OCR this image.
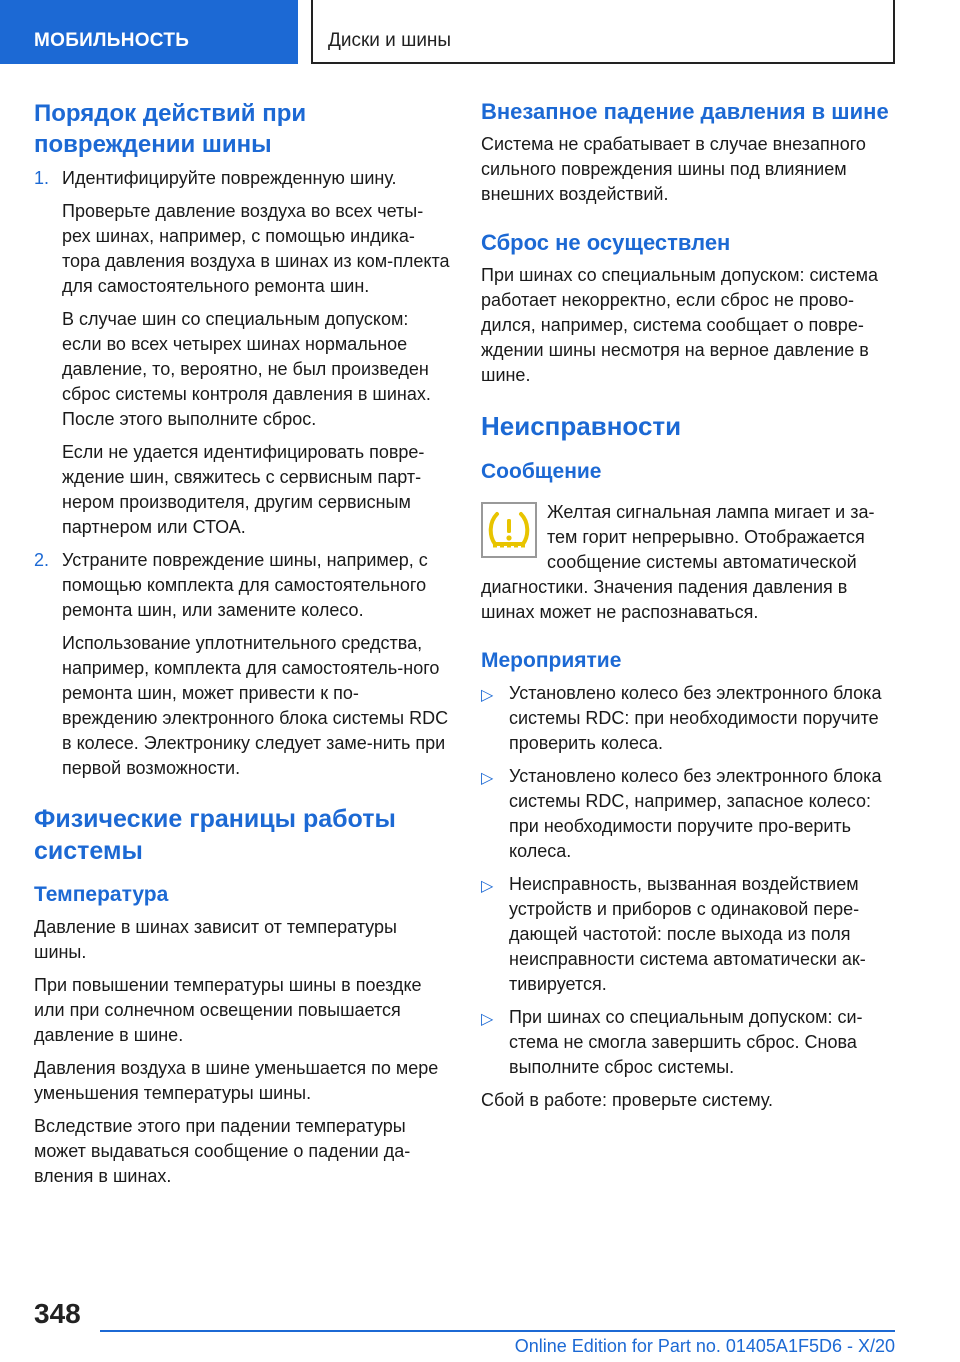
МОБИЛЬНОСТЬ	Диски и шины
Порядок действий при повреждении шины
1. Идентифицируйте поврежденную шину.

Проверьте давление воздуха во всех четы-рех шинах, например, с помощью индика-тора давления воздуха в шинах из ком-плекта для самостоятельного ремонта шин.

В случае шин со специальным допуском: если во всех четырех шинах нормальное давление, то, вероятно, не был произведен сброс системы контроля давления в шинах. После этого выполните сброс.

Если не удается идентифицировать повре-ждение шин, свяжитесь с сервисным парт-нером производителя, другим сервисным партнером или СТОА.

2. Устраните повреждение шины, например, с помощью комплекта для самостоятельного ремонта шин, или замените колесо.

Использование уплотнительного средства, например, комплекта для самостоятель-ного ремонта шин, может привести к по-вреждению электронного блока системы RDC в колесе. Электронику следует заме-нить при первой возможности.

Физические границы работы системы
Температура

Давление в шинах зависит от температуры шины.

При повышении температуры шины в поездке или при солнечном освещении повышается давление в шине.

Давления воздуха в шине уменьшается по мере уменьшения температуры шины.

Вследствие этого при падении температуры может выдаваться сообщение о падении да-вления в шинах.

Внезапное падение давления в шине

Система не срабатывает в случае внезапного сильного повреждения шины под влиянием внешних воздействий.

Сброс не осуществлен

При шинах со специальным допуском: система работает некорректно, если сброс не прово-дился, например, система сообщает о повре-ждении шины несмотря на верное давление в шине.

Неисправности
Сообщение

Желтая сигнальная лампа мигает и за-тем горит непрерывно. Отображается сообщение системы автоматической диагностики. Значения падения давления в шинах может не распознаваться.

Мероприятие
▷ Установлено колесо без электронного блока системы RDC: при необходимости поручите проверить колеса.
▷ Установлено колесо без электронного блока системы RDC, например, запасное колесо: при необходимости поручите про-верить колеса.
▷ Неисправность, вызванная воздействием устройств и приборов с одинаковой пере-дающей частотой: после выхода из поля неисправности система автоматически ак-тивируется.
▷ При шинах со специальным допуском: си-стема не смогла завершить сброс. Снова выполните сброс системы.

Сбой в работе: проверьте систему.

348
Online Edition for Part no. 01405A1F5D6 - X/20
